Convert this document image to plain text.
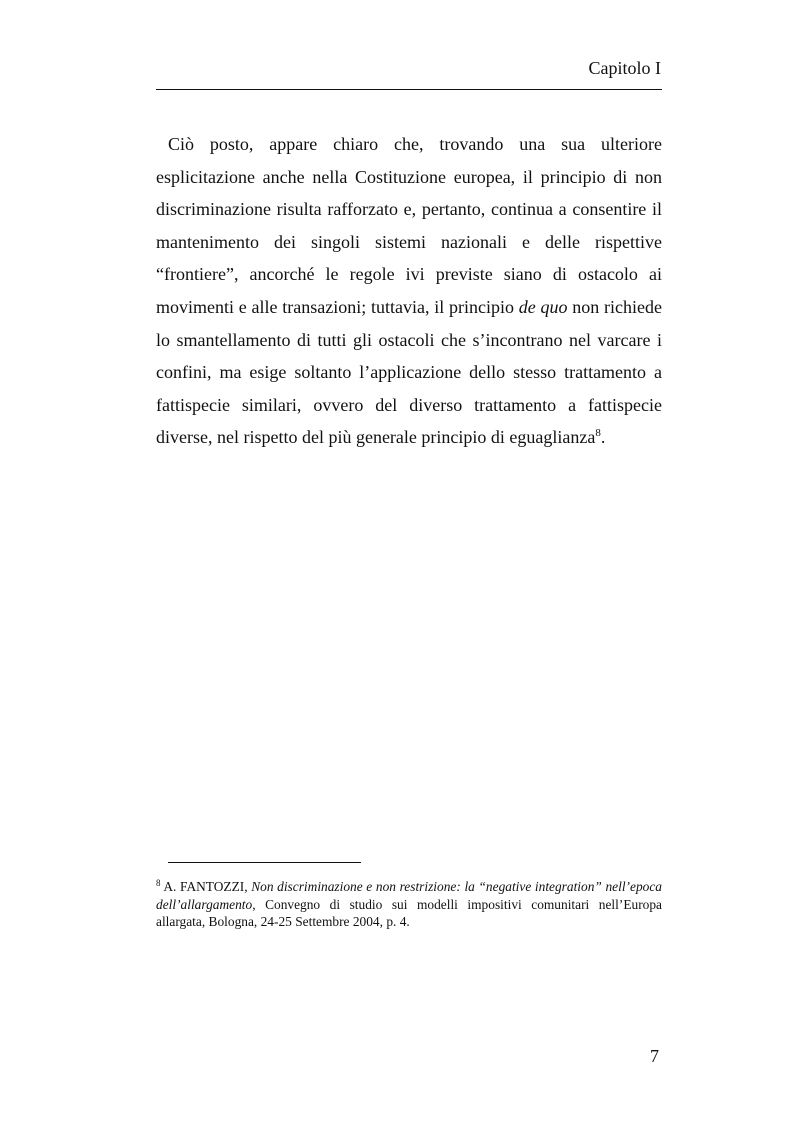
Capitolo I

Ciò posto, appare chiaro che, trovando una sua ulteriore esplicitazione anche nella Costituzione europea, il principio di non discriminazione risulta rafforzato e, pertanto, continua a consentire il mantenimento dei singoli sistemi nazionali e delle rispettive “frontiere”, ancorché le regole ivi previste siano di ostacolo ai movimenti e alle transazioni; tuttavia, il principio de quo non richiede lo smantellamento di tutti gli ostacoli che s’incontrano nel varcare i confini, ma esige soltanto l’applicazione dello stesso trattamento a fattispecie similari, ovvero del diverso trattamento a fattispecie diverse, nel rispetto del più generale principio di eguaglianza$^8$.

$^8$ A. FANTOZZI, Non discriminazione e non restrizione: la “negative integration” nell’epoca dell’allargamento, Convegno di studio sui modelli impositivi comunitari nell’Europa allargata, Bologna, 24-25 Settembre 2004, p. 4.

7
